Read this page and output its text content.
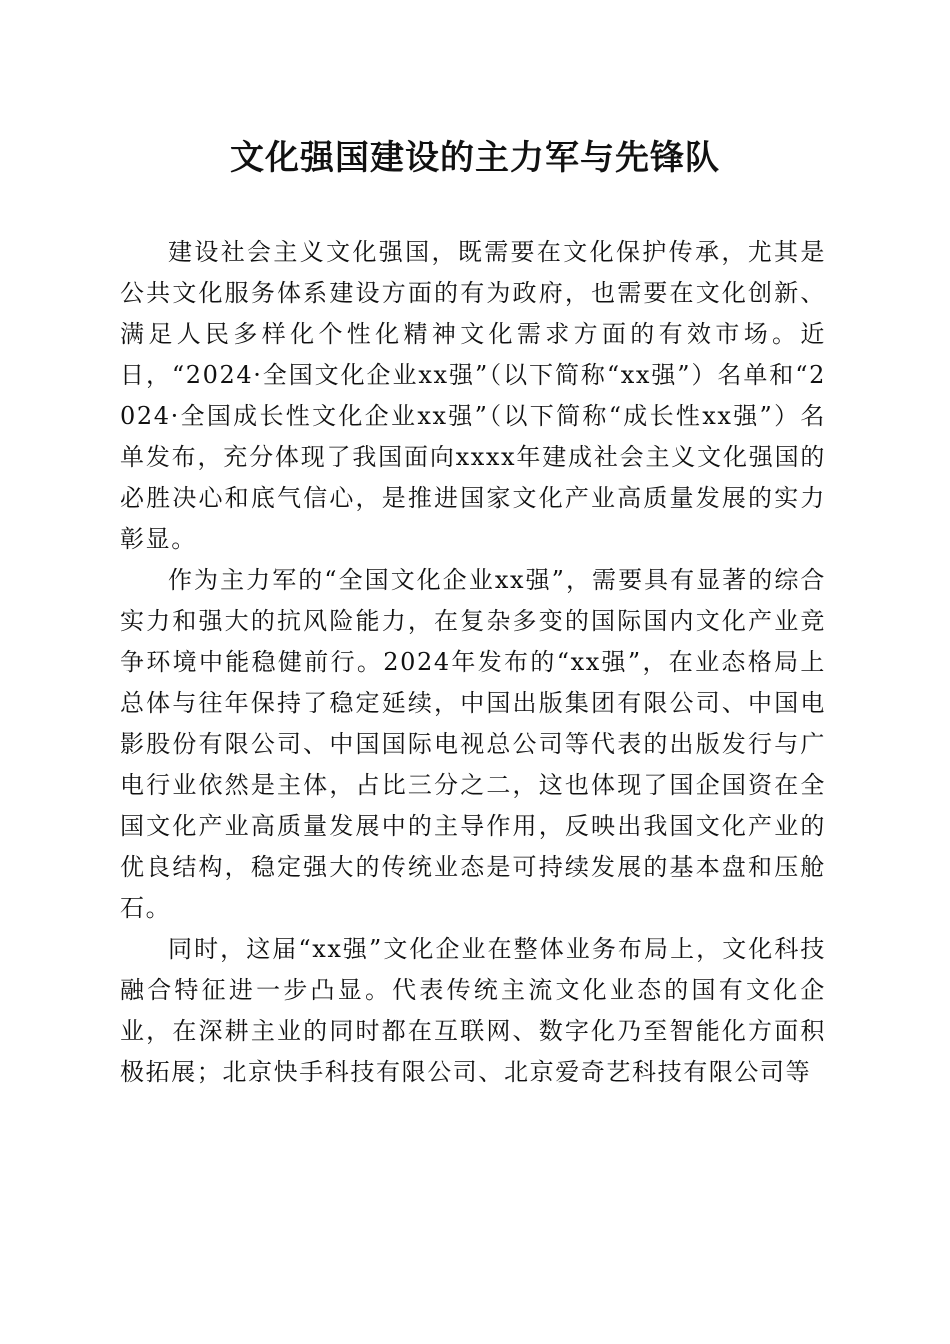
文化强国建设的主力军与先锋队

建设社会主义文化强国，既需要在文化保护传承，尤其是公共文化服务体系建设方面的有为政府，也需要在文化创新、满足人民多样化个性化精神文化需求方面的有效市场。近日，“2024·全国文化企业xx强”（以下简称“xx强”）名单和“2024·全国成长性文化企业xx强”（以下简称“成长性xx强”）名单发布，充分体现了我国面向xxxx年建成社会主义文化强国的必胜决心和底气信心，是推进国家文化产业高质量发展的实力彰显。

作为主力军的“全国文化企业xx强”，需要具有显著的综合实力和强大的抗风险能力，在复杂多变的国际国内文化产业竞争环境中能稳健前行。2024年发布的“xx强”，在业态格局上总体与往年保持了稳定延续，中国出版集团有限公司、中国电影股份有限公司、中国国际电视总公司等代表的出版发行与广电行业依然是主体，占比三分之二，这也体现了国企国资在全国文化产业高质量发展中的主导作用，反映出我国文化产业的优良结构，稳定强大的传统业态是可持续发展的基本盘和压舱石。

同时，这届“xx强”文化企业在整体业务布局上，文化科技融合特征进一步凸显。代表传统主流文化业态的国有文化企业，在深耕主业的同时都在互联网、数字化乃至智能化方面积极拓展；北京快手科技有限公司、北京爱奇艺科技有限公司等
